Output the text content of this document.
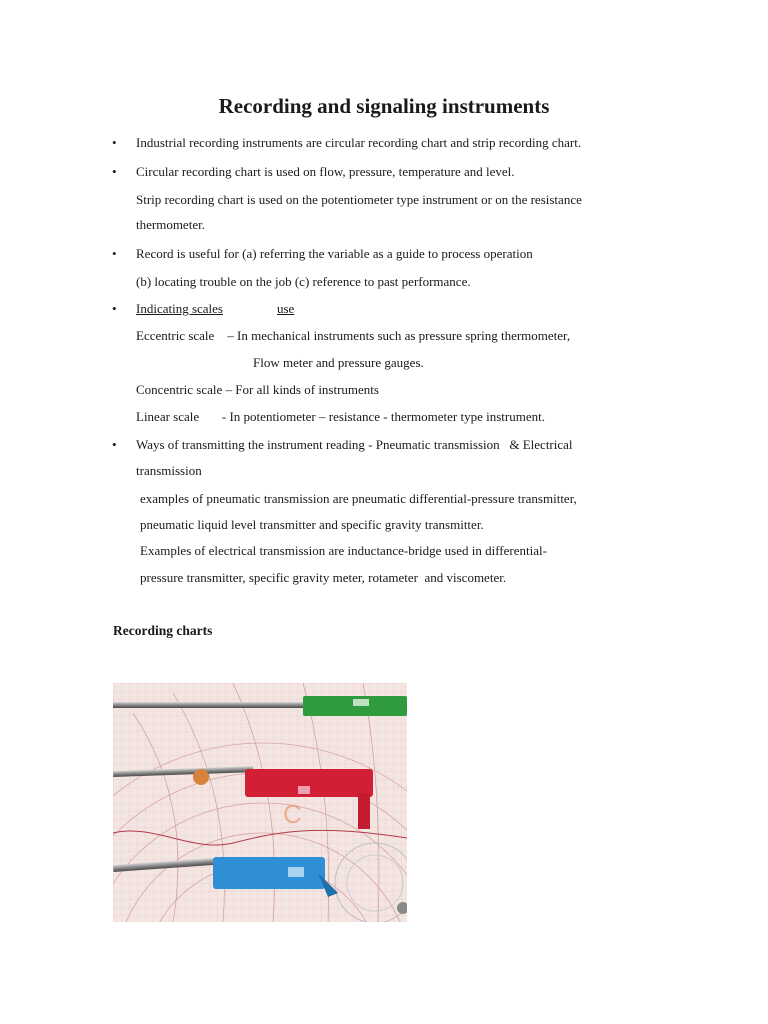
Recording and signaling instruments
• Industrial recording instruments are circular recording chart and strip recording chart.
• Circular recording chart is used on flow, pressure, temperature and level.
Strip recording chart is used on the potentiometer type instrument or on the resistance
thermometer.
• Record is useful for (a) referring the variable as a guide to process operation
(b) locating trouble on the job (c) reference to past performance.
• Indicating scales	use
Eccentric scale    – In mechanical instruments such as pressure spring thermometer,
Flow meter and pressure gauges.
Concentric scale – For all kinds of instruments
Linear scale       - In potentiometer – resistance - thermometer type instrument.
• Ways of transmitting the instrument reading - Pneumatic transmission   & Electrical
transmission
examples of pneumatic transmission are pneumatic differential-pressure transmitter,
pneumatic liquid level transmitter and specific gravity transmitter.
Examples of electrical transmission are inductance-bridge used in differential-
pressure transmitter, specific gravity meter, rotameter  and viscometer.
Recording charts
C
